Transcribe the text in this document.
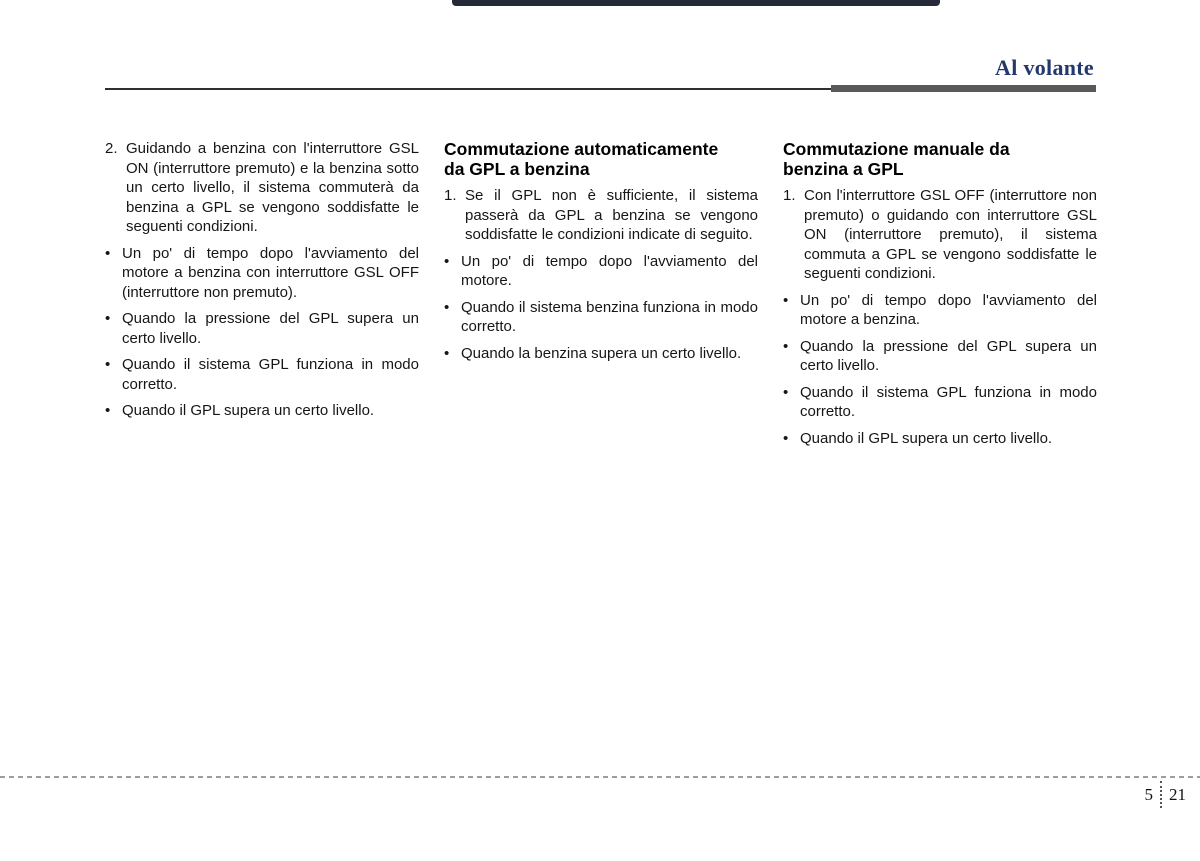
Al volante
2. Guidando a benzina con l'interruttore GSL ON (interruttore premuto) e la benzina sotto un certo livello, il sistema commuterà da benzina a GPL se vengono soddisfatte le seguenti condizioni.
• Un po' di tempo dopo l'avviamento del motore a benzina con interruttore GSL OFF (interruttore non premuto).
• Quando la pressione del GPL supera un certo livello.
• Quando il sistema GPL funziona in modo corretto.
• Quando il GPL supera un certo livello.
Commutazione automaticamente
da GPL a benzina
1. Se il GPL non è sufficiente, il sistema passerà da GPL a benzina se vengono soddisfatte le condizioni indicate di seguito.
• Un po' di tempo dopo l'avviamento del motore.
• Quando il sistema benzina funziona in modo corretto.
• Quando la benzina supera un certo livello.
Commutazione manuale da
benzina a GPL
1. Con l'interruttore GSL OFF (interruttore non premuto) o guidando con interruttore GSL ON (interruttore premuto), il sistema commuta a GPL se vengono soddisfatte le seguenti condizioni.
• Un po' di tempo dopo l'avviamento del motore a benzina.
• Quando la pressione del GPL supera un certo livello.
• Quando il sistema GPL funziona in modo corretto.
• Quando il GPL supera un certo livello.
5 21
